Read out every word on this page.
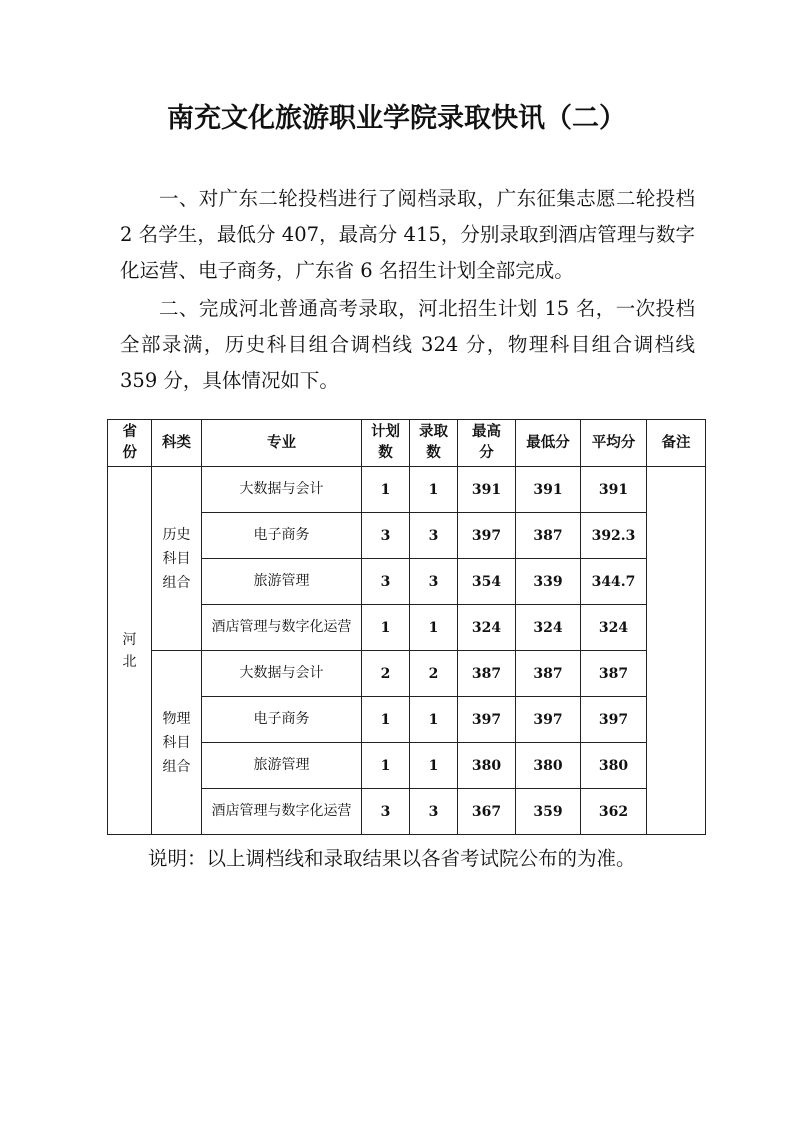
南充文化旅游职业学院录取快讯（二）

一、对广东二轮投档进行了阅档录取，广东征集志愿二轮投档 2 名学生，最低分 407，最高分 415，分别录取到酒店管理与数字化运营、电子商务，广东省 6 名招生计划全部完成。

二、完成河北普通高考录取，河北招生计划 15 名，一次投档全部录满，历史科目组合调档线 324 分，物理科目组合调档线 359 分，具体情况如下。

省份	科类	专业	计划数	录取数	最高分	最低分	平均分	备注
河北	历史科目组合	大数据与会计	1	1	391	391	391	
		电子商务	3	3	397	387	392.3	
		旅游管理	3	3	354	339	344.7	
		酒店管理与数字化运营	1	1	324	324	324	
	物理科目组合	大数据与会计	2	2	387	387	387	
		电子商务	1	1	397	397	397	
		旅游管理	1	1	380	380	380	
		酒店管理与数字化运营	3	3	367	359	362	

说明：以上调档线和录取结果以各省考试院公布的为准。
